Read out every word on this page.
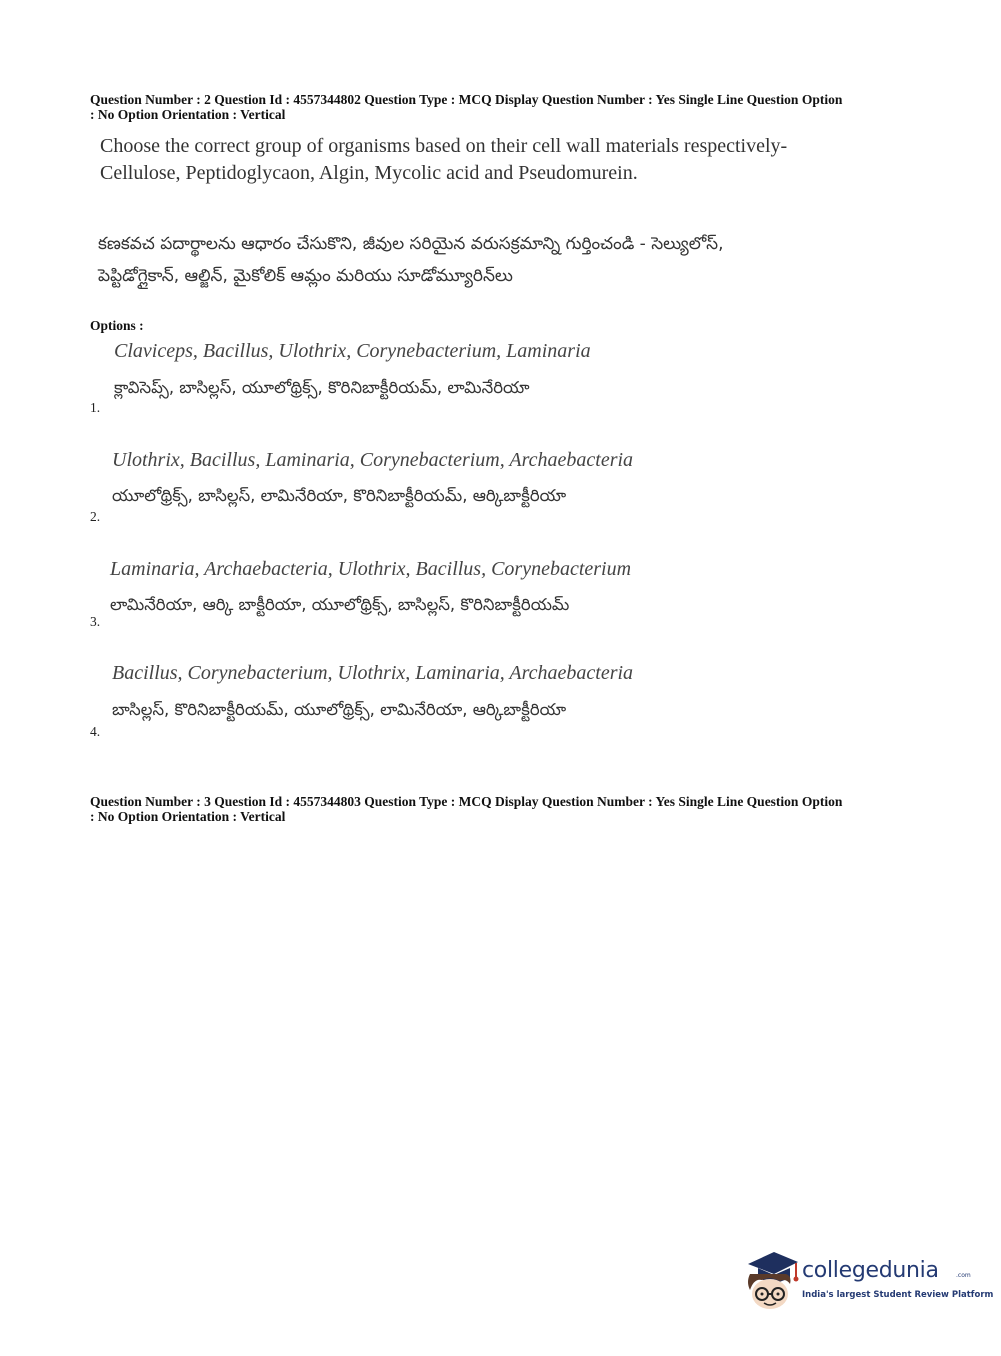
Question Number : 2 Question Id : 4557344802 Question Type : MCQ Display Question Number : Yes Single Line Question Option
: No Option Orientation : Vertical
Choose the correct group of organisms based on their cell wall materials respectively-
Cellulose, Peptidoglycaon, Algin, Mycolic acid and Pseudomurein.
కణకవచ పదార్థాలను ఆధారం చేసుకొని, జీవుల సరియైన వరుసక్రమాన్ని గుర్తించండి - సెల్యులోస్,
పెప్టిడోగ్లైకాన్, ఆల్జిన్, మైకోలిక్ ఆమ్లం మరియు సూడోమ్యూరిన్‌లు
Options :
Claviceps, Bacillus, Ulothrix, Corynebacterium, Laminaria
క్లావిసెప్స్, బాసిల్లస్, యూలోథ్రిక్స్, కొరినిబాక్టీరియమ్, లామినేరియా
1.
Ulothrix, Bacillus, Laminaria, Corynebacterium, Archaebacteria
యూలోథ్రిక్స్, బాసిల్లస్, లామినేరియా, కొరినిబాక్టీరియమ్, ఆర్కిబాక్టీరియా
2.
Laminaria, Archaebacteria, Ulothrix, Bacillus, Corynebacterium
లామినేరియా, ఆర్కి బాక్టీరియా, యూలోథ్రిక్స్, బాసిల్లస్, కొరినిబాక్టీరియమ్
3.
Bacillus, Corynebacterium, Ulothrix, Laminaria, Archaebacteria
బాసిల్లస్, కొరినిబాక్టీరియమ్, యూలోథ్రిక్స్, లామినేరియా, ఆర్కిబాక్టీరియా
4.
Question Number : 3 Question Id : 4557344803 Question Type : MCQ Display Question Number : Yes Single Line Question Option
: No Option Orientation : Vertical
collegedunia	.com
India's largest Student Review Platform
